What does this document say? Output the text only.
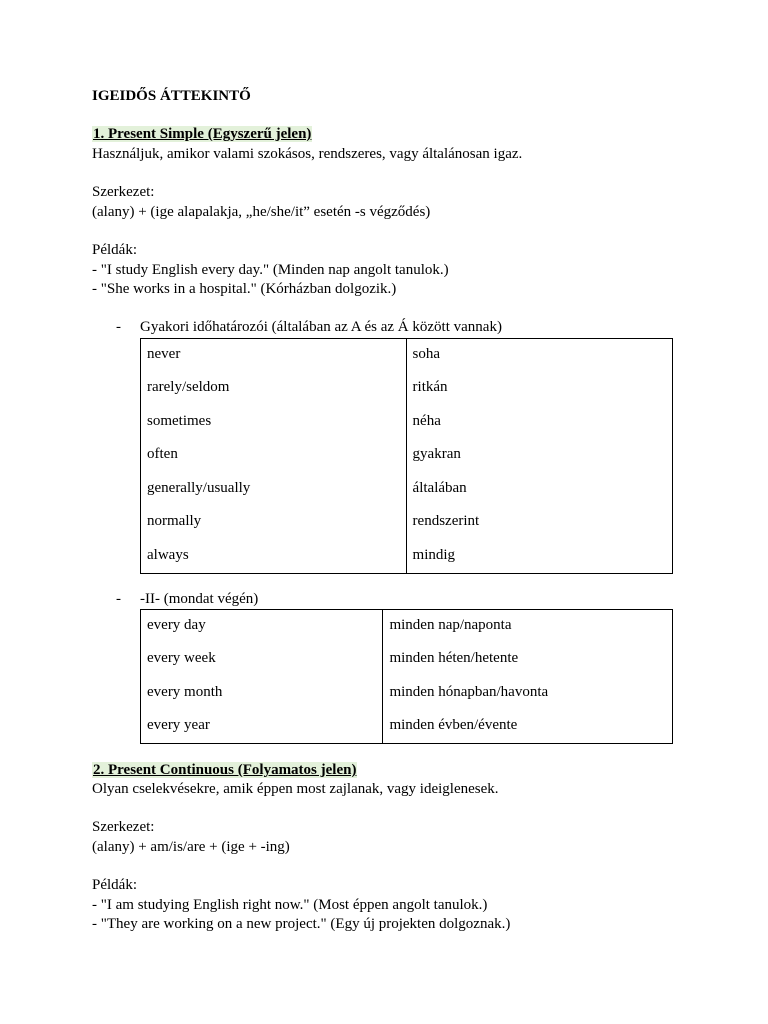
IGEIDŐS ÁTTEKINTŐ
1. Present Simple (Egyszerű jelen)
Használjuk, amikor valami szokásos, rendszeres, vagy általánosan igaz.
Szerkezet:
(alany) + (ige alapalakja, „he/she/it” esetén -s végződés)
Példák:
- "I study English every day." (Minden nap angolt tanulok.)
- "She works in a hospital." (Kórházban dolgozik.)
- Gyakori időhatározói (általában az A és az Á között vannak)
never	soha
rarely/seldom	ritkán
sometimes	néha
often	gyakran
generally/usually	általában
normally	rendszerint
always	mindig
- -II- (mondat végén)
every day	minden nap/naponta
every week	minden héten/hetente
every month	minden hónapban/havonta
every year	minden évben/évente
2. Present Continuous (Folyamatos jelen)
Olyan cselekvésekre, amik éppen most zajlanak, vagy ideiglenesek.
Szerkezet:
(alany) + am/is/are + (ige + -ing)
Példák:
- "I am studying English right now." (Most éppen angolt tanulok.)
- "They are working on a new project." (Egy új projekten dolgoznak.)
